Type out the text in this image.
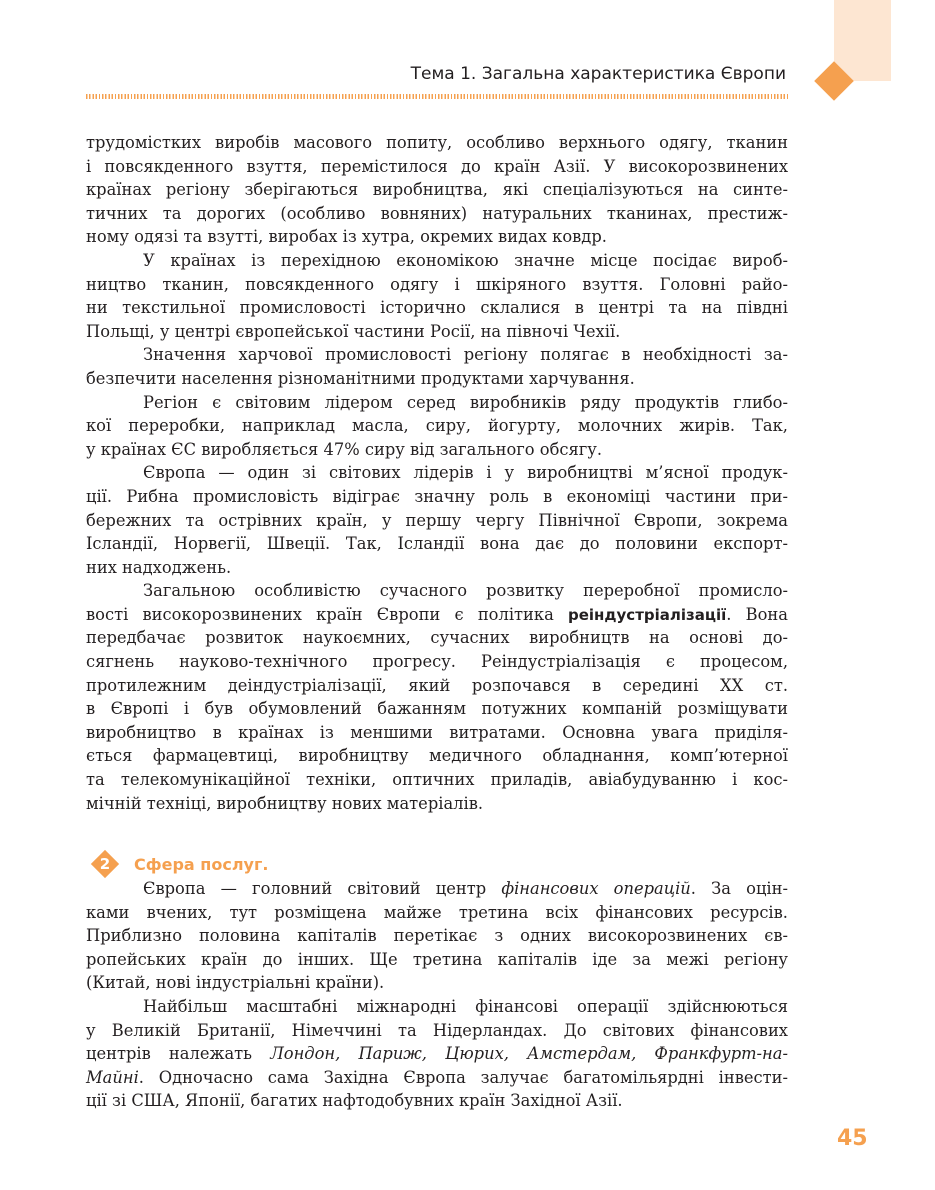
Тема 1. Загальна характеристика Європи
трудомістких виробів масового попиту, особливо верхнього одягу, тканин
і повсякденного взуття, перемістилося до країн Азії. У високорозвинених
країнах регіону зберігаються виробництва, які спеціалізуються на синте-
тичних та дорогих (особливо вовняних) натуральних тканинах, престиж-
ному одязі та взутті, виробах із хутра, окремих видах ковдр.
У країнах із перехідною економікою значне місце посідає вироб-
ництво тканин, повсякденного одягу і шкіряного взуття. Головні райо-
ни текстильної промисловості історично склалися в центрі та на півдні
Польщі, у центрі європейської частини Росії, на півночі Чехії.
Значення харчової промисловості регіону полягає в необхідності за-
безпечити населення різноманітними продуктами харчування.
Регіон є світовим лідером серед виробників ряду продуктів глибо-
кої переробки, наприклад масла, сиру, йогурту, молочних жирів. Так,
у країнах ЄС виробляється 47% сиру від загального обсягу.
Європа — один зі світових лідерів і у виробництві м’ясної продук-
ції. Рибна промисловість відіграє значну роль в економіці частини при-
бережних та острівних країн, у першу чергу Північної Європи, зокрема
Ісландії, Норвегії, Швеції. Так, Ісландії вона дає до половини експорт-
них надходжень.
Загальною особливістю сучасного розвитку переробної промисло-
вості високорозвинених країн Європи є політика реіндустріалізації. Вона
передбачає розвиток наукоємних, сучасних виробництв на основі до-
сягнень науково-технічного прогресу. Реіндустріалізація є процесом,
протилежним деіндустріалізації, який розпочався в середині XX ст.
в Європі і був обумовлений бажанням потужних компаній розміщувати
виробництво в країнах із меншими витратами. Основна увага приділя-
ється фармацевтиці, виробництву медичного обладнання, комп’ютерної
та телекомунікаційної техніки, оптичних приладів, авіабудуванню і кос-
мічній техніці, виробництву нових матеріалів.
2	Сфера послуг.
Європа — головний світовий центр фінансових операцій. За оцін-
ками вчених, тут розміщена майже третина всіх фінансових ресурсів.
Приблизно половина капіталів перетікає з одних високорозвинених єв-
ропейських країн до інших. Ще третина капіталів іде за межі регіону
(Китай, нові індустріальні країни).
Найбільш масштабні міжнародні фінансові операції здійснюються
у Великій Британії, Німеччині та Нідерландах. До світових фінансових
центрів належать Лондон, Париж, Цюрих, Амстердам, Франкфурт-на-
Майні. Одночасно сама Західна Європа залучає багатомільярдні інвести-
ції зі США, Японії, багатих нафтодобувних країн Західної Азії.
45
